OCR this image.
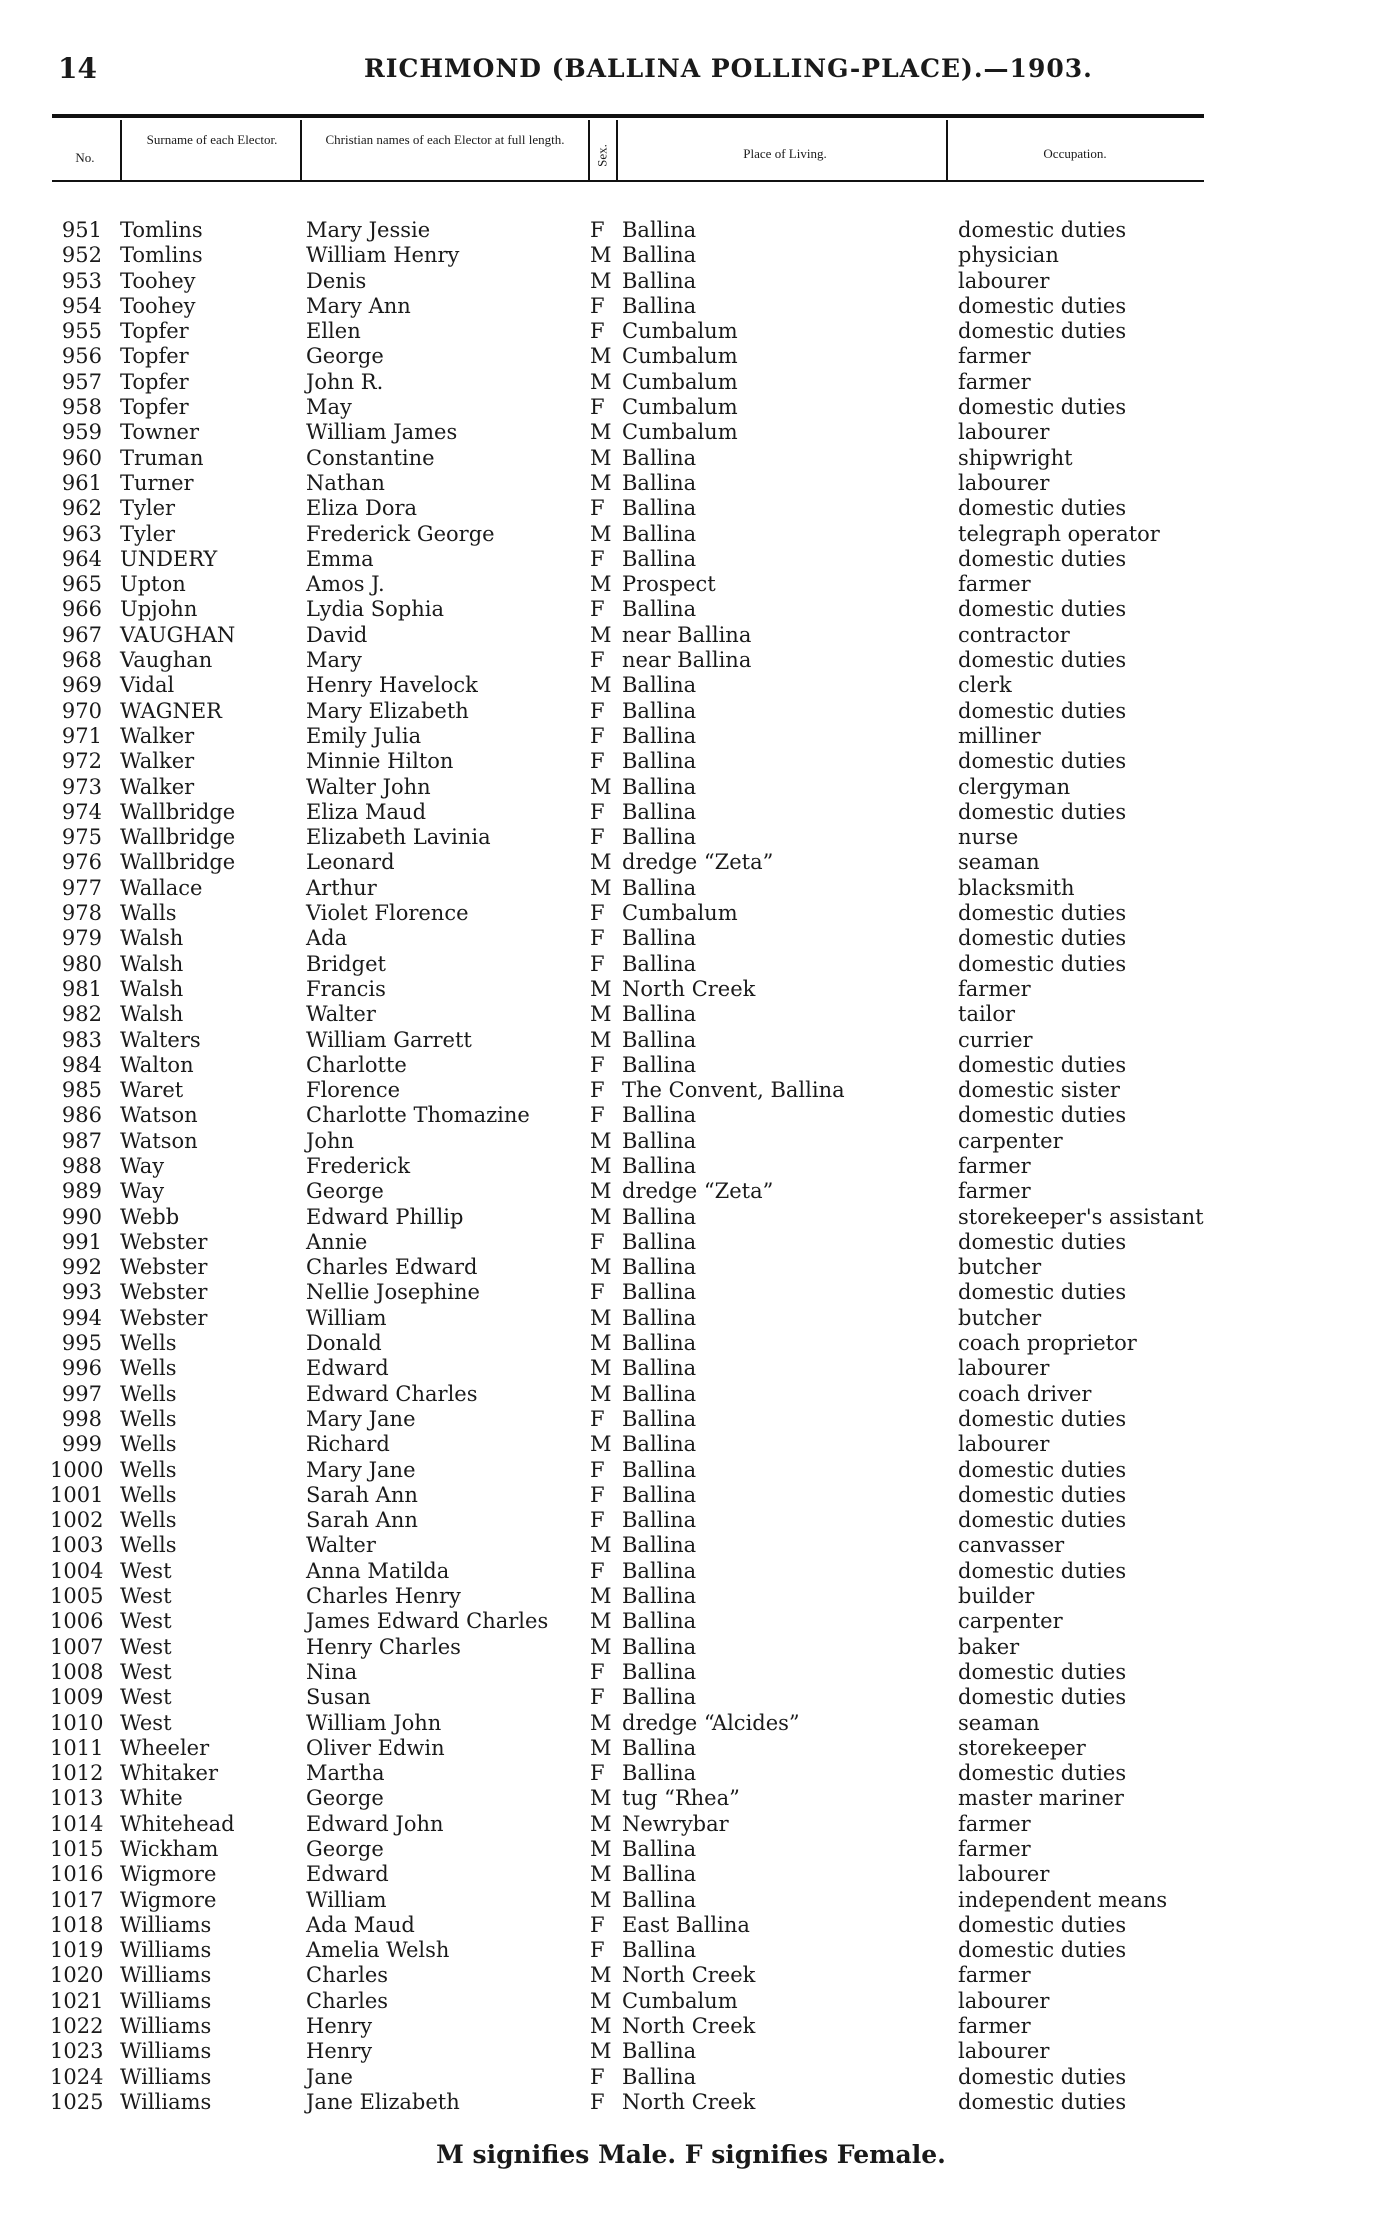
14	RICHMOND (BALLINA POLLING-PLACE).—1903.
No.
Surname of each Elector.	Christian names of each Elector at full length.
Sex.	Place of Living.	Occupation.
951 Tomlins	Mary Jessie	F Ballina	domestic duties
952 Tomlins	William Henry	M Ballina	physician
953 Toohey	Denis	M Ballina	labourer
954 Toohey	Mary Ann	F Ballina	domestic duties
955 Topfer	Ellen	F Cumbalum	domestic duties
956 Topfer	George	M Cumbalum	farmer
957 Topfer	John R.	M Cumbalum	farmer
958 Topfer	May	F Cumbalum	domestic duties
959 Towner	William James	M Cumbalum	labourer
960 Truman	Constantine	M Ballina	shipwright
961 Turner	Nathan	M Ballina	labourer
962 Tyler	Eliza Dora	F Ballina	domestic duties
963 Tyler	Frederick George	M Ballina	telegraph operator
964 UNDERY	Emma	F Ballina	domestic duties
965 Upton	Amos J.	M Prospect	farmer
966 Upjohn	Lydia Sophia	F Ballina	domestic duties
967 VAUGHAN	David	M near Ballina	contractor
968 Vaughan	Mary	F near Ballina	domestic duties
969 Vidal	Henry Havelock	M Ballina	clerk
970 WAGNER	Mary Elizabeth	F Ballina	domestic duties
971 Walker	Emily Julia	F Ballina	milliner
972 Walker	Minnie Hilton	F Ballina	domestic duties
973 Walker	Walter John	M Ballina	clergyman
974 Wallbridge	Eliza Maud	F Ballina	domestic duties
975 Wallbridge	Elizabeth Lavinia	F Ballina	nurse
976 Wallbridge	Leonard	M dredge “Zeta”	seaman
977 Wallace	Arthur	M Ballina	blacksmith
978 Walls	Violet Florence	F Cumbalum	domestic duties
979 Walsh	Ada	F Ballina	domestic duties
980 Walsh	Bridget	F Ballina	domestic duties
981 Walsh	Francis	M North Creek	farmer
982 Walsh	Walter	M Ballina	tailor
983 Walters	William Garrett	M Ballina	currier
984 Walton	Charlotte	F Ballina	domestic duties
985 Waret	Florence	F The Convent, Ballina	domestic sister
986 Watson	Charlotte Thomazine	F Ballina	domestic duties
987 Watson	John	M Ballina	carpenter
988 Way	Frederick	M Ballina	farmer
989 Way	George	M dredge “Zeta”	farmer
990 Webb	Edward Phillip	M Ballina	storekeeper's assistant
991 Webster	Annie	F Ballina	domestic duties
992 Webster	Charles Edward	M Ballina	butcher
993 Webster	Nellie Josephine	F Ballina	domestic duties
994 Webster	William	M Ballina	butcher
995 Wells	Donald	M Ballina	coach proprietor
996 Wells	Edward	M Ballina	labourer
997 Wells	Edward Charles	M Ballina	coach driver
998 Wells	Mary Jane	F Ballina	domestic duties
999 Wells	Richard	M Ballina	labourer
1000 Wells	Mary Jane	F Ballina	domestic duties
1001 Wells	Sarah Ann	F Ballina	domestic duties
1002 Wells	Sarah Ann	F Ballina	domestic duties
1003 Wells	Walter	M Ballina	canvasser
1004 West	Anna Matilda	F Ballina	domestic duties
1005 West	Charles Henry	M Ballina	builder
1006 West	James Edward Charles M Ballina	carpenter
1007 West	Henry Charles	M Ballina	baker
1008 West	Nina	F Ballina	domestic duties
1009 West	Susan	F Ballina	domestic duties
1010 West	William John	M dredge “Alcides”	seaman
1011 Wheeler	Oliver Edwin	M Ballina	storekeeper
1012 Whitaker	Martha	F Ballina	domestic duties
1013 White	George	M tug “Rhea”	master mariner
1014 Whitehead	Edward John	M Newrybar	farmer
1015 Wickham	George	M Ballina	farmer
1016 Wigmore	Edward	M Ballina	labourer
1017 Wigmore	William	M Ballina	independent means
1018 Williams	Ada Maud	F East Ballina	domestic duties
1019 Williams	Amelia Welsh	F Ballina	domestic duties
1020 Williams	Charles	M North Creek	farmer
1021 Williams	Charles	M Cumbalum	labourer
1022 Williams	Henry	M North Creek	farmer
1023 Williams	Henry	M Ballina	labourer
1024 Williams	Jane	F Ballina	domestic duties
1025 Williams	Jane Elizabeth	F North Creek	domestic duties
M signifies Male. F signifies Female.
